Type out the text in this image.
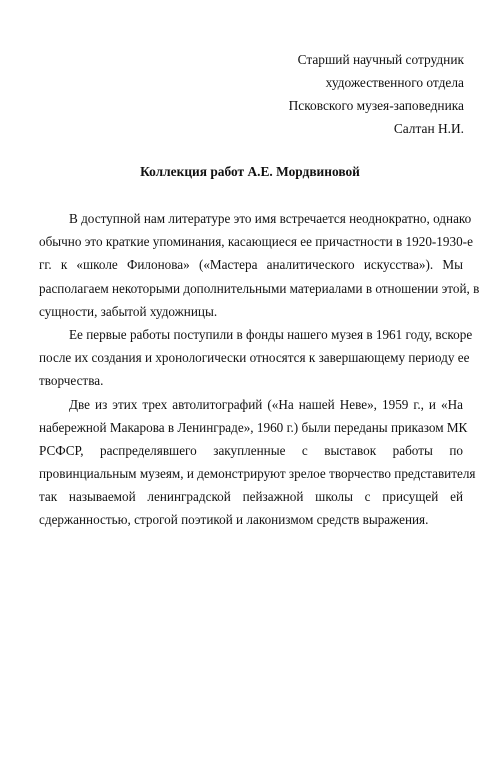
Старший научный сотрудник
художественного отдела
Псковского музея-заповедника
Салтан Н.И.
Коллекция работ А.Е. Мордвиновой
В доступной нам литературе это имя встречается неоднократно, однако
обычно это краткие упоминания, касающиеся ее причастности в 1920-1930-е
гг. к «школе Филонова» («Мастера аналитического искусства»). Мы
располагаем некоторыми дополнительными материалами в отношении этой, в
сущности, забытой художницы.
Ее первые работы поступили в фонды нашего музея в 1961 году, вскоре
после их создания и хронологически относятся к завершающему периоду ее
творчества.
Две из этих трех автолитографий («На нашей Неве», 1959 г., и «На
набережной Макарова в Ленинграде», 1960 г.) были переданы приказом МК
РСФСР, распределявшего закупленные с выставок работы по
провинциальным музеям, и демонстрируют зрелое творчество представителя
так называемой ленинградской пейзажной школы с присущей ей
сдержанностью, строгой поэтикой и лаконизмом средств выражения.
